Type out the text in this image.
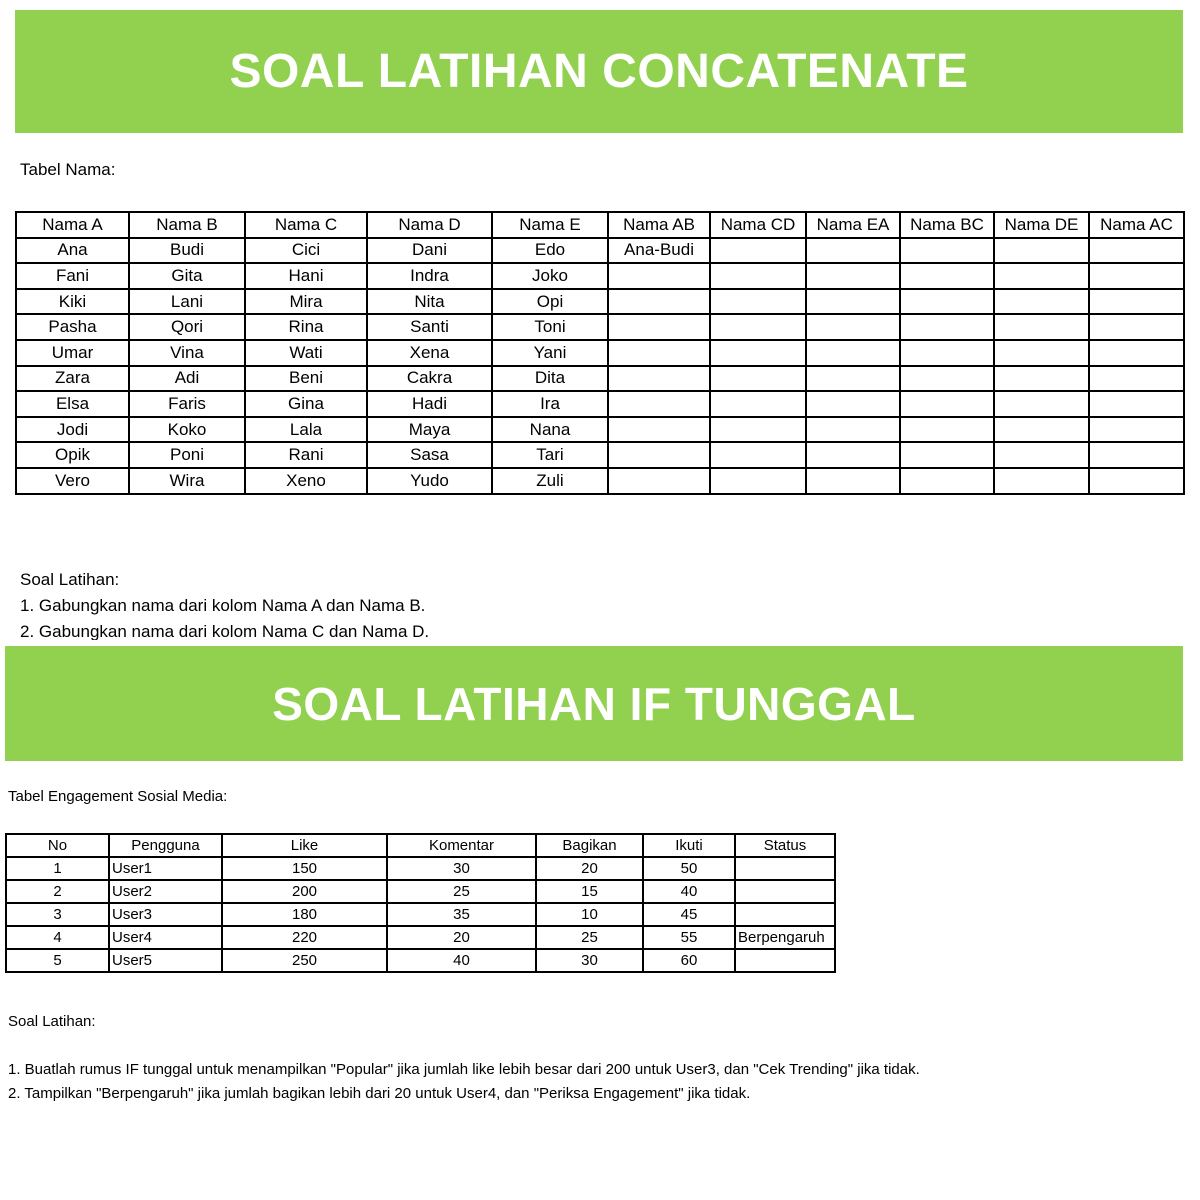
SOAL LATIHAN CONCATENATE
Tabel Nama:
Nama A	Nama B	Nama C	Nama D	Nama E	Nama AB	Nama CD	Nama EA	Nama BC	Nama DE	Nama AC
Ana	Budi	Cici	Dani	Edo	Ana-Budi					
Fani	Gita	Hani	Indra	Joko						
Kiki	Lani	Mira	Nita	Opi						
Pasha	Qori	Rina	Santi	Toni						
Umar	Vina	Wati	Xena	Yani						
Zara	Adi	Beni	Cakra	Dita						
Elsa	Faris	Gina	Hadi	Ira						
Jodi	Koko	Lala	Maya	Nana						
Opik	Poni	Rani	Sasa	Tari						
Vero	Wira	Xeno	Yudo	Zuli						
Soal Latihan:
1. Gabungkan nama dari kolom Nama A dan Nama B.
2. Gabungkan nama dari kolom Nama C dan Nama D.
SOAL LATIHAN IF TUNGGAL
Tabel Engagement Sosial Media:
No	Pengguna	Like	Komentar	Bagikan	Ikuti	Status
1	User1	150	30	20	50	
2	User2	200	25	15	40	
3	User3	180	35	10	45	
4	User4	220	20	25	55	Berpengaruh
5	User5	250	40	30	60	
Soal Latihan:
1. Buatlah rumus IF tunggal untuk menampilkan "Popular" jika jumlah like lebih besar dari 200 untuk User3, dan "Cek Trending" jika tidak.
2. Tampilkan "Berpengaruh" jika jumlah bagikan lebih dari 20 untuk User4, dan "Periksa Engagement" jika tidak.
